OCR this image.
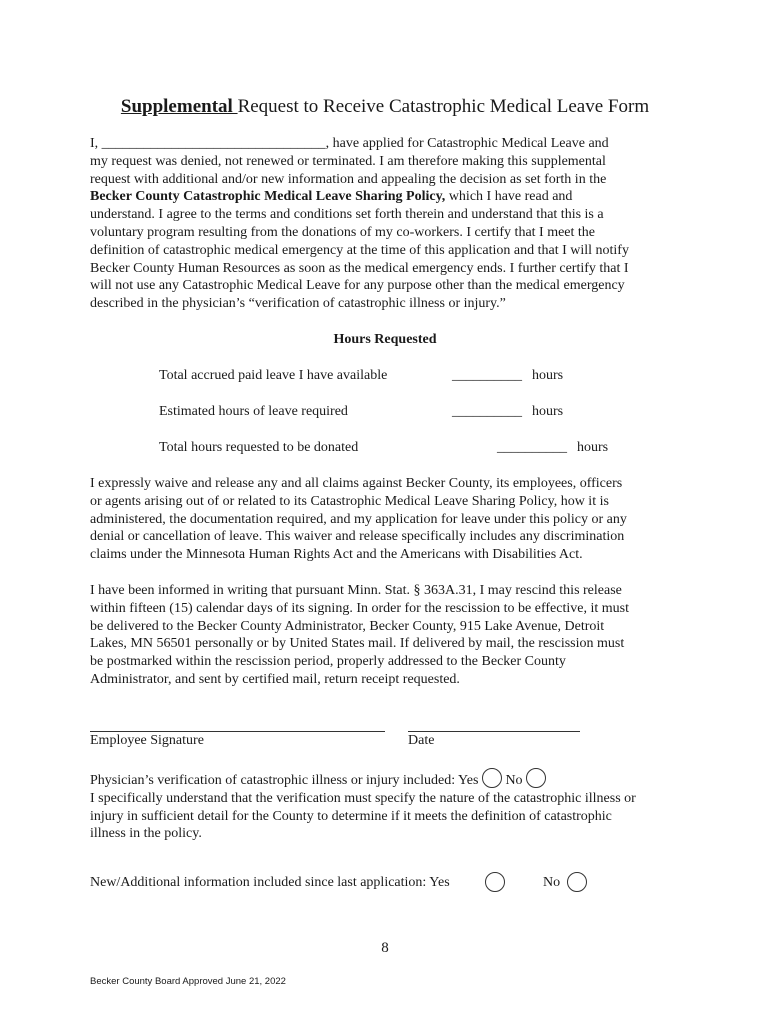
Supplemental Request to Receive Catastrophic Medical Leave Form
I, ________________________________, have applied for Catastrophic Medical Leave and
my request was denied, not renewed or terminated. I am therefore making this supplemental
request with additional and/or new information and appealing the decision as set forth in the
Becker County Catastrophic Medical Leave Sharing Policy, which I have read and
understand. I agree to the terms and conditions set forth therein and understand that this is a
voluntary program resulting from the donations of my co-workers. I certify that I meet the
definition of catastrophic medical emergency at the time of this application and that I will notify
Becker County Human Resources as soon as the medical emergency ends. I further certify that I
will not use any Catastrophic Medical Leave for any purpose other than the medical emergency
described in the physician’s “verification of catastrophic illness or injury.”
Hours Requested
Total accrued paid leave I have available	__________ hours
Estimated hours of leave required	__________ hours
Total hours requested to be donated	__________ hours
I expressly waive and release any and all claims against Becker County, its employees, officers
or agents arising out of or related to its Catastrophic Medical Leave Sharing Policy, how it is
administered, the documentation required, and my application for leave under this policy or any
denial or cancellation of leave. This waiver and release specifically includes any discrimination
claims under the Minnesota Human Rights Act and the Americans with Disabilities Act.
I have been informed in writing that pursuant Minn. Stat. § 363A.31, I may rescind this release
within fifteen (15) calendar days of its signing. In order for the rescission to be effective, it must
be delivered to the Becker County Administrator, Becker County, 915 Lake Avenue, Detroit
Lakes, MN 56501 personally or by United States mail. If delivered by mail, the rescission must
be postmarked within the rescission period, properly addressed to the Becker County
Administrator, and sent by certified mail, return receipt requested.
Employee Signature	Date
Physician’s verification of catastrophic illness or injury included: Yes No
I specifically understand that the verification must specify the nature of the catastrophic illness or
injury in sufficient detail for the County to determine if it meets the definition of catastrophic
illness in the policy.
New/Additional information included since last application: Yes	No
8
Becker County Board Approved June 21, 2022
